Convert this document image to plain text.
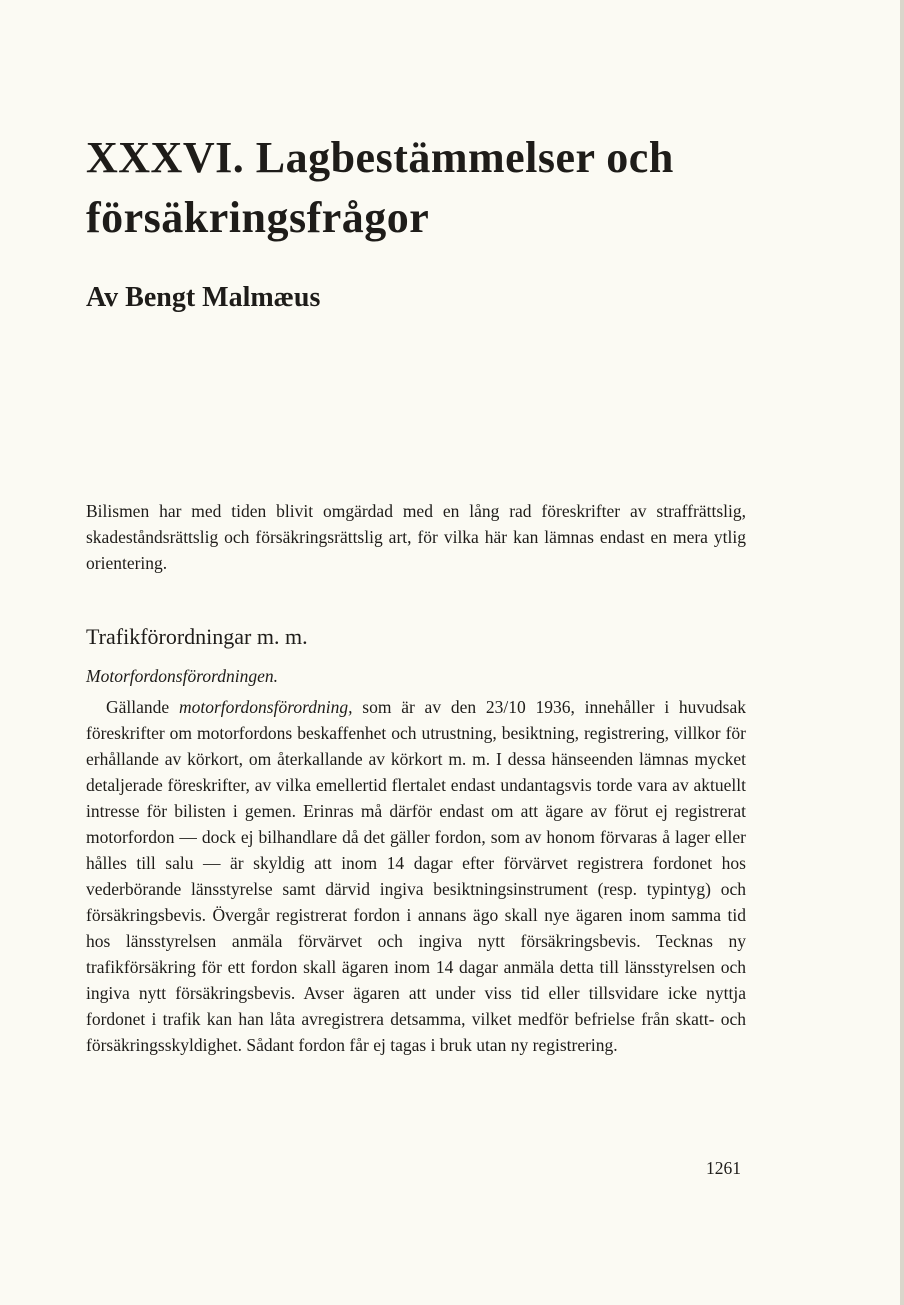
XXXVI. Lagbestämmelser och försäkringsfrågor
Av Bengt Malmæus

Bilismen har med tiden blivit omgärdad med en lång rad föreskrifter av straffrättslig, skadeståndsrättslig och försäkringsrättslig art, för vilka här kan lämnas endast en mera ytlig orientering.

Trafikförordningar m. m.

Motorfordonsförordningen.

Gällande motorfordonsförordning, som är av den 23/10 1936, innehåller i huvudsak föreskrifter om motorfordons beskaffenhet och utrustning, besiktning, registrering, villkor för erhållande av körkort, om återkallande av körkort m. m. I dessa hänseenden lämnas mycket detaljerade föreskrifter, av vilka emellertid flertalet endast undantagsvis torde vara av aktuellt intresse för bilisten i gemen. Erinras må därför endast om att ägare av förut ej registrerat motorfordon — dock ej bilhandlare då det gäller fordon, som av honom förvaras å lager eller hålles till salu — är skyldig att inom 14 dagar efter förvärvet registrera fordonet hos vederbörande länsstyrelse samt därvid ingiva besiktningsinstrument (resp. typintyg) och försäkringsbevis. Övergår registrerat fordon i annans ägo skall nye ägaren inom samma tid hos länsstyrelsen anmäla förvärvet och ingiva nytt försäkringsbevis. Tecknas ny trafikförsäkring för ett fordon skall ägaren inom 14 dagar anmäla detta till länsstyrelsen och ingiva nytt försäkringsbevis. Avser ägaren att under viss tid eller tillsvidare icke nyttja fordonet i trafik kan han låta avregistrera detsamma, vilket medför befrielse från skatt- och försäkringsskyldighet. Sådant fordon får ej tagas i bruk utan ny registrering.

1261
